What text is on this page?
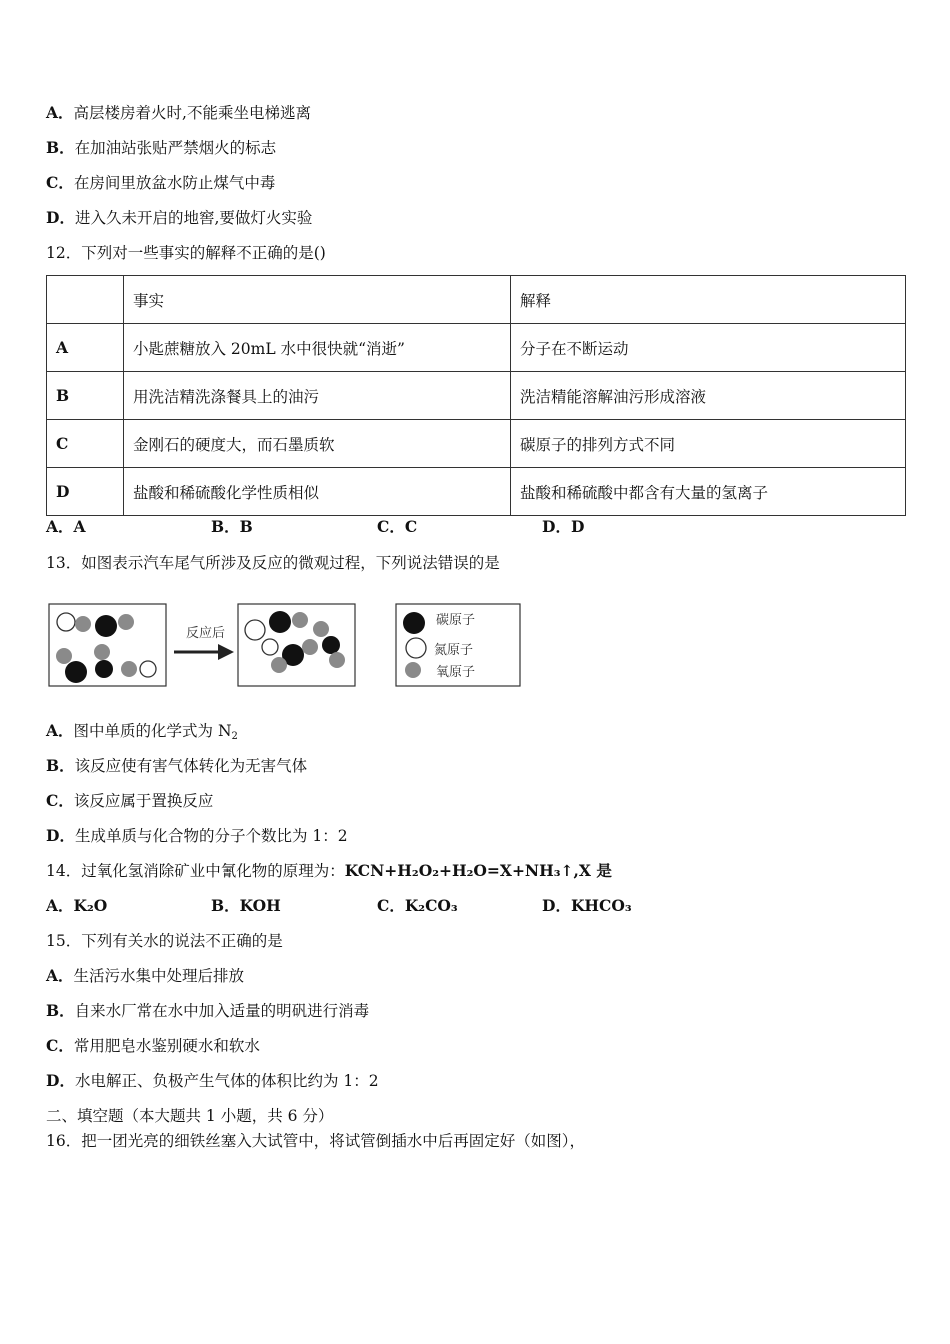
A．高层楼房着火时,不能乘坐电梯逃离
B．在加油站张贴严禁烟火的标志
C．在房间里放盆水防止煤气中毒
D．进入久未开启的地窖,要做灯火实验
12．下列对一些事实的解释不正确的是()
	事实	解释
A	小匙蔗糖放入 20mL 水中很快就“消逝”	分子在不断运动
B	用洗洁精洗涤餐具上的油污	洗洁精能溶解油污形成溶液
C	金刚石的硬度大，而石墨质软	碳原子的排列方式不同
D	盐酸和稀硫酸化学性质相似	盐酸和稀硫酸中都含有大量的氢离子
A．A	B．B	C．C	D．D
13．如图表示汽车尾气所涉及反应的微观过程，下列说法错误的是
反应后
碳原子
氮原子
氧原子
A．图中单质的化学式为 $N_2$
B．该反应使有害气体转化为无害气体
C．该反应属于置换反应
D．生成单质与化合物的分子个数比为 1：2
14．过氧化氢消除矿业中氰化物的原理为：KCN+H₂O₂+H₂O=X+NH₃↑,X 是
A．K₂O	B．KOH	C．K₂CO₃	D．KHCO₃
15．下列有关水的说法不正确的是
A．生活污水集中处理后排放
B．自来水厂常在水中加入适量的明矾进行消毒
C．常用肥皂水鉴别硬水和软水
D．水电解正、负极产生气体的体积比约为 1：2
二、填空题（本大题共 1 小题，共 6 分）
16．把一团光亮的细铁丝塞入大试管中，将试管倒插水中后再固定好（如图），
